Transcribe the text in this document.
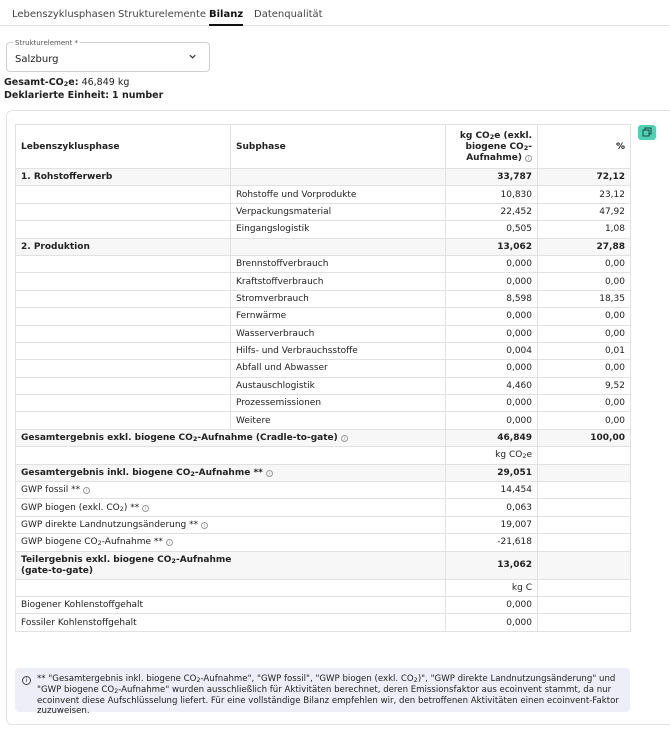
Lebenszyklusphasen Strukturelemente Bilanz Datenqualität
Strukturelement *
Salzburg
Gesamt-CO2e: 46,849 kg
Deklarierte Einheit: 1 number
Lebenszyklusphase	Subphase	kg CO2e (exkl. biogene CO2-Aufnahme) i	%
1. Rohstofferwerb		33,787	72,12
	Rohstoffe und Vorprodukte	10,830	23,12
	Verpackungsmaterial	22,452	47,92
	Eingangslogistik	0,505	1,08
2. Produktion		13,062	27,88
	Brennstoffverbrauch	0,000	0,00
	Kraftstoffverbrauch	0,000	0,00
	Stromverbrauch	8,598	18,35
	Fernwärme	0,000	0,00
	Wasserverbrauch	0,000	0,00
	Hilfs- und Verbrauchsstoffe	0,004	0,01
	Abfall und Abwasser	0,000	0,00
	Austauschlogistik	4,460	9,52
	Prozessemissionen	0,000	0,00
	Weitere	0,000	0,00
Gesamtergebnis exkl. biogene CO2-Aufnahme (Cradle-to-gate) i		46,849	100,00
		kg CO2e	
Gesamtergebnis inkl. biogene CO2-Aufnahme ** i		29,051	
GWP fossil ** i		14,454	
GWP biogen (exkl. CO2) ** i		0,063	
GWP direkte Landnutzungsänderung ** i		19,007	
GWP biogene CO2-Aufnahme ** i		-21,618	
Teilergebnis exkl. biogene CO2-Aufnahme
(gate-to-gate)		13,062	
		kg C	
Biogener Kohlenstoffgehalt		0,000	
Fossiler Kohlenstoffgehalt		0,000	
i	** "Gesamtergebnis inkl. biogene CO2-Aufnahme", "GWP fossil", "GWP biogen (exkl. CO2)", "GWP direkte Landnutzungsänderung" und "GWP biogene CO2-Aufnahme" wurden ausschließlich für Aktivitäten berechnet, deren Emissionsfaktor aus ecoinvent stammt, da nur ecoinvent diese Aufschlüsselung liefert. Für eine vollständige Bilanz empfehlen wir, den betroffenen Aktivitäten einen ecoinvent-Faktor zuzuweisen.
